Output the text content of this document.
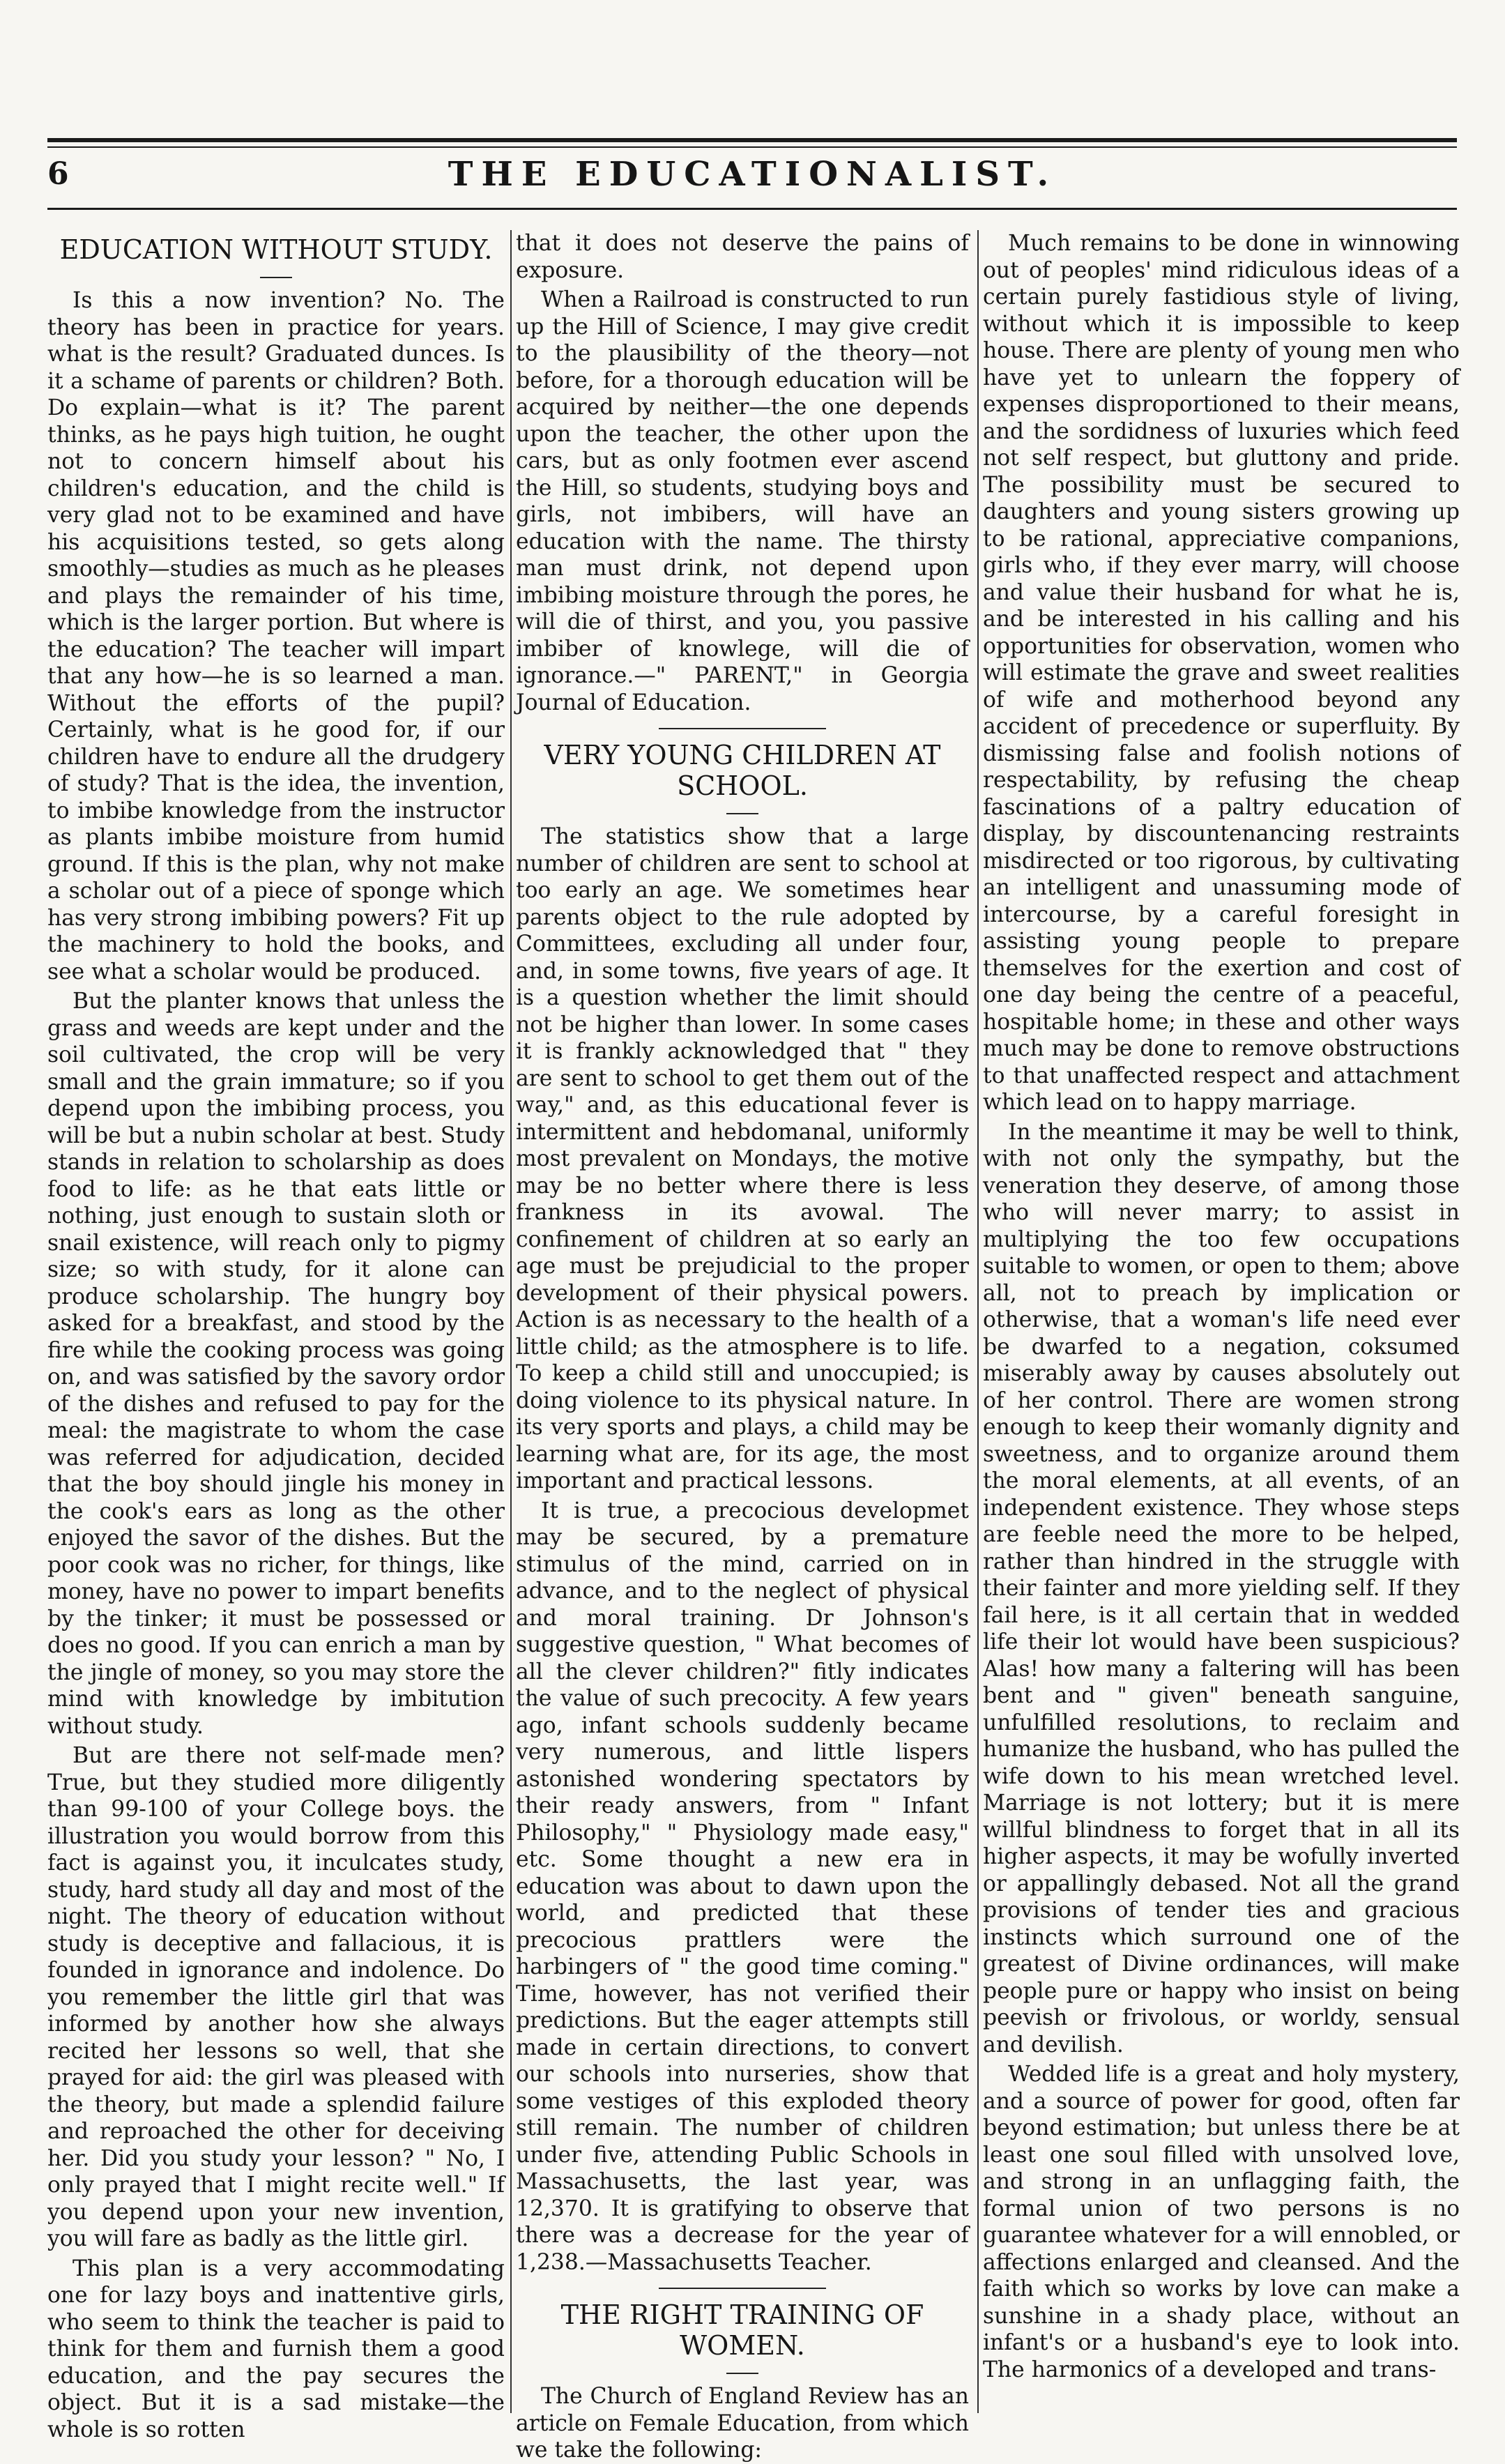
6	THE EDUCATIONALIST.
EDUCATION WITHOUT STUDY.

Is this a now invention? No. The theory has been in practice for years. what is the result? Graduated dunces. Is it a schame of parents or children? Both. Do explain—what is it? The parent thinks, as he pays high tuition, he ought not to concern himself about his children's education, and the child is very glad not to be examined and have his acquisitions tested, so gets along smoothly—studies as much as he pleases and plays the remainder of his time, which is the larger portion. But where is the education? The teacher will impart that any how—he is so learned a man. Without the efforts of the pupil? Certainly, what is he good for, if our children have to endure all the drudgery of study? That is the idea, the invention, to imbibe knowledge from the instructor as plants imbibe moisture from humid ground. If this is the plan, why not make a scholar out of a piece of sponge which has very strong imbibing powers? Fit up the machinery to hold the books, and see what a scholar would be produced.

But the planter knows that unless the grass and weeds are kept under and the soil cultivated, the crop will be very small and the grain immature; so if you depend upon the imbibing process, you will be but a nubin scholar at best. Study stands in relation to scholarship as does food to life: as he that eats little or nothing, just enough to sustain sloth or snail existence, will reach only to pigmy size; so with study, for it alone can produce scholarship. The hungry boy asked for a breakfast, and stood by the fire while the cooking process was going on, and was satisfied by the savory ordor of the dishes and refused to pay for the meal: the magistrate to whom the case was referred for adjudication, decided that the boy should jingle his money in the cook's ears as long as the other enjoyed the savor of the dishes. But the poor cook was no richer, for things, like money, have no power to impart benefits by the tinker; it must be possessed or does no good. If you can enrich a man by the jingle of money, so you may store the mind with knowledge by imbitution without study.

But are there not self-made men? True, but they studied more diligently than 99-100 of your College boys. the illustration you would borrow from this fact is against you, it inculcates study, study, hard study all day and most of the night. The theory of education without study is deceptive and fallacious, it is founded in ignorance and indolence. Do you remember the little girl that was informed by another how she always recited her lessons so well, that she prayed for aid: the girl was pleased with the theory, but made a splendid failure and reproached the other for deceiving her. Did you study your lesson? " No, I only prayed that I might recite well." If you depend upon your new invention, you will fare as badly as the little girl.

This plan is a very accommodating one for lazy boys and inattentive girls, who seem to think the teacher is paid to think for them and furnish them a good education, and the pay secures the object. But it is a sad mistake—the whole is so rotten

that it does not deserve the pains of exposure.

When a Railroad is constructed to run up the Hill of Science, I may give credit to the plausibility of the theory—not before, for a thorough education will be acquired by neither—the one depends upon the teacher, the other upon the cars, but as only footmen ever ascend the Hill, so students, studying boys and girls, not imbibers, will have an education with the name. The thirsty man must drink, not depend upon imbibing moisture through the pores, he will die of thirst, and you, you passive imbiber of knowlege, will die of ignorance.—" PARENT," in Georgia Journal of Education.

VERY YOUNG CHILDREN AT SCHOOL.

The statistics show that a large number of children are sent to school at too early an age. We sometimes hear parents object to the rule adopted by Committees, excluding all under four, and, in some towns, five years of age. It is a question whether the limit should not be higher than lower. In some cases it is frankly acknowledged that " they are sent to school to get them out of the way," and, as this educational fever is intermittent and hebdomanal, uniformly most prevalent on Mondays, the motive may be no better where there is less frankness in its avowal. The confinement of children at so early an age must be prejudicial to the proper development of their physical powers. Action is as necessary to the health of a little child; as the atmosphere is to life. To keep a child still and unoccupied; is doing violence to its physical nature. In its very sports and plays, a child may be learning what are, for its age, the most important and practical lessons.

It is true, a precocious developmet may be secured, by a premature stimulus of the mind, carried on in advance, and to the neglect of physical and moral training. Dr Johnson's suggestive question, " What becomes of all the clever children?" fitly indicates the value of such precocity. A few years ago, infant schools suddenly became very numerous, and little lispers astonished wondering spectators by their ready answers, from " Infant Philosophy," " Physiology made easy," etc. Some thought a new era in education was about to dawn upon the world, and predicted that these precocious prattlers were the harbingers of " the good time coming." Time, however, has not verified their predictions. But the eager attempts still made in certain directions, to convert our schools into nurseries, show that some vestiges of this exploded theory still remain. The number of children under five, attending Public Schools in Massachusetts, the last year, was 12,370. It is gratifying to observe that there was a decrease for the year of 1,238.—Massachusetts Teacher.

THE RIGHT TRAINING OF WOMEN.

The Church of England Review has an article on Female Education, from which we take the following:

Much remains to be done in winnowing out of peoples' mind ridiculous ideas of a certain purely fastidious style of living, without which it is impossible to keep house. There are plenty of young men who have yet to unlearn the foppery of expenses disproportioned to their means, and the sordidness of luxuries which feed not self respect, but gluttony and pride. The possibility must be secured to daughters and young sisters growing up to be rational, appreciative companions, girls who, if they ever marry, will choose and value their husband for what he is, and be interested in his calling and his opportunities for observation, women who will estimate the grave and sweet realities of wife and motherhood beyond any accident of precedence or superfluity. By dismissing false and foolish notions of respectability, by refusing the cheap fascinations of a paltry education of display, by discountenancing restraints misdirected or too rigorous, by cultivating an intelligent and unassuming mode of intercourse, by a careful foresight in assisting young people to prepare themselves for the exertion and cost of one day being the centre of a peaceful, hospitable home; in these and other ways much may be done to remove obstructions to that unaffected respect and attachment which lead on to happy marriage.

In the meantime it may be well to think, with not only the sympathy, but the veneration they deserve, of among those who will never marry; to assist in multiplying the too few occupations suitable to women, or open to them; above all, not to preach by implication or otherwise, that a woman's life need ever be dwarfed to a negation, coksumed miserably away by causes absolutely out of her control. There are women strong enough to keep their womanly dignity and sweetness, and to organize around them the moral elements, at all events, of an independent existence. They whose steps are feeble need the more to be helped, rather than hindred in the struggle with their fainter and more yielding self. If they fail here, is it all certain that in wedded life their lot would have been suspicious? Alas! how many a faltering will has been bent and " given" beneath sanguine, unfulfilled resolutions, to reclaim and humanize the husband, who has pulled the wife down to his mean wretched level. Marriage is not lottery; but it is mere willful blindness to forget that in all its higher aspects, it may be wofully inverted or appallingly debased. Not all the grand provisions of tender ties and gracious instincts which surround one of the greatest of Divine ordinances, will make people pure or happy who insist on being peevish or frivolous, or worldy, sensual and devilish.

Wedded life is a great and holy mystery, and a source of power for good, often far beyond estimation; but unless there be at least one soul filled with unsolved love, and strong in an unflagging faith, the formal union of two persons is no guarantee whatever for a will ennobled, or affections enlarged and cleansed. And the faith which so works by love can make a sunshine in a shady place, without an infant's or a husband's eye to look into. The harmonics of a developed and trans-
